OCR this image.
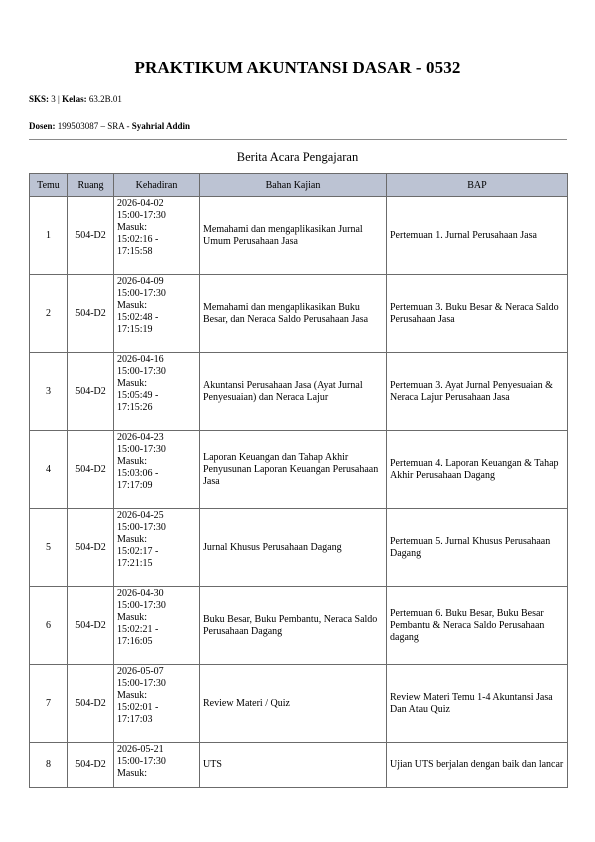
PRAKTIKUM AKUNTANSI DASAR - 0532
SKS: 3 | Kelas: 63.2B.01
Dosen: 199503087 – SRA - Syahrial Addin
Berita Acara Pengajaran
Temu	Ruang	Kehadiran	Bahan Kajian	BAP
1	504-D2	2026-04-02
15:00-17:30
Masuk:
15:02:16 -
17:15:58	Memahami dan mengaplikasikan Jurnal Umum Perusahaan Jasa	Pertemuan 1. Jurnal Perusahaan Jasa
2	504-D2	2026-04-09
15:00-17:30
Masuk:
15:02:48 -
17:15:19	Memahami dan mengaplikasikan Buku Besar, dan Neraca Saldo Perusahaan Jasa	Pertemuan 3. Buku Besar & Neraca Saldo Perusahaan Jasa
3	504-D2	2026-04-16
15:00-17:30
Masuk:
15:05:49 -
17:15:26	Akuntansi Perusahaan Jasa (Ayat Jurnal Penyesuaian) dan Neraca Lajur	Pertemuan 3. Ayat Jurnal Penyesuaian & Neraca Lajur Perusahaan Jasa
4	504-D2	2026-04-23
15:00-17:30
Masuk:
15:03:06 -
17:17:09	Laporan Keuangan dan Tahap Akhir Penyusunan Laporan Keuangan Perusahaan Jasa	Pertemuan 4. Laporan Keuangan & Tahap Akhir Perusahaan Dagang
5	504-D2	2026-04-25
15:00-17:30
Masuk:
15:02:17 -
17:21:15	Jurnal Khusus Perusahaan Dagang	Pertemuan 5. Jurnal Khusus Perusahaan Dagang
6	504-D2	2026-04-30
15:00-17:30
Masuk:
15:02:21 -
17:16:05	Buku Besar, Buku Pembantu, Neraca Saldo Perusahaan Dagang	Pertemuan 6. Buku Besar, Buku Besar Pembantu & Neraca Saldo Perusahaan dagang
7	504-D2	2026-05-07
15:00-17:30
Masuk:
15:02:01 -
17:17:03	Review Materi / Quiz	Review Materi Temu 1-4 Akuntansi Jasa Dan Atau Quiz
8	504-D2	2026-05-21
15:00-17:30
Masuk:	UTS	Ujian UTS berjalan dengan baik dan lancar
